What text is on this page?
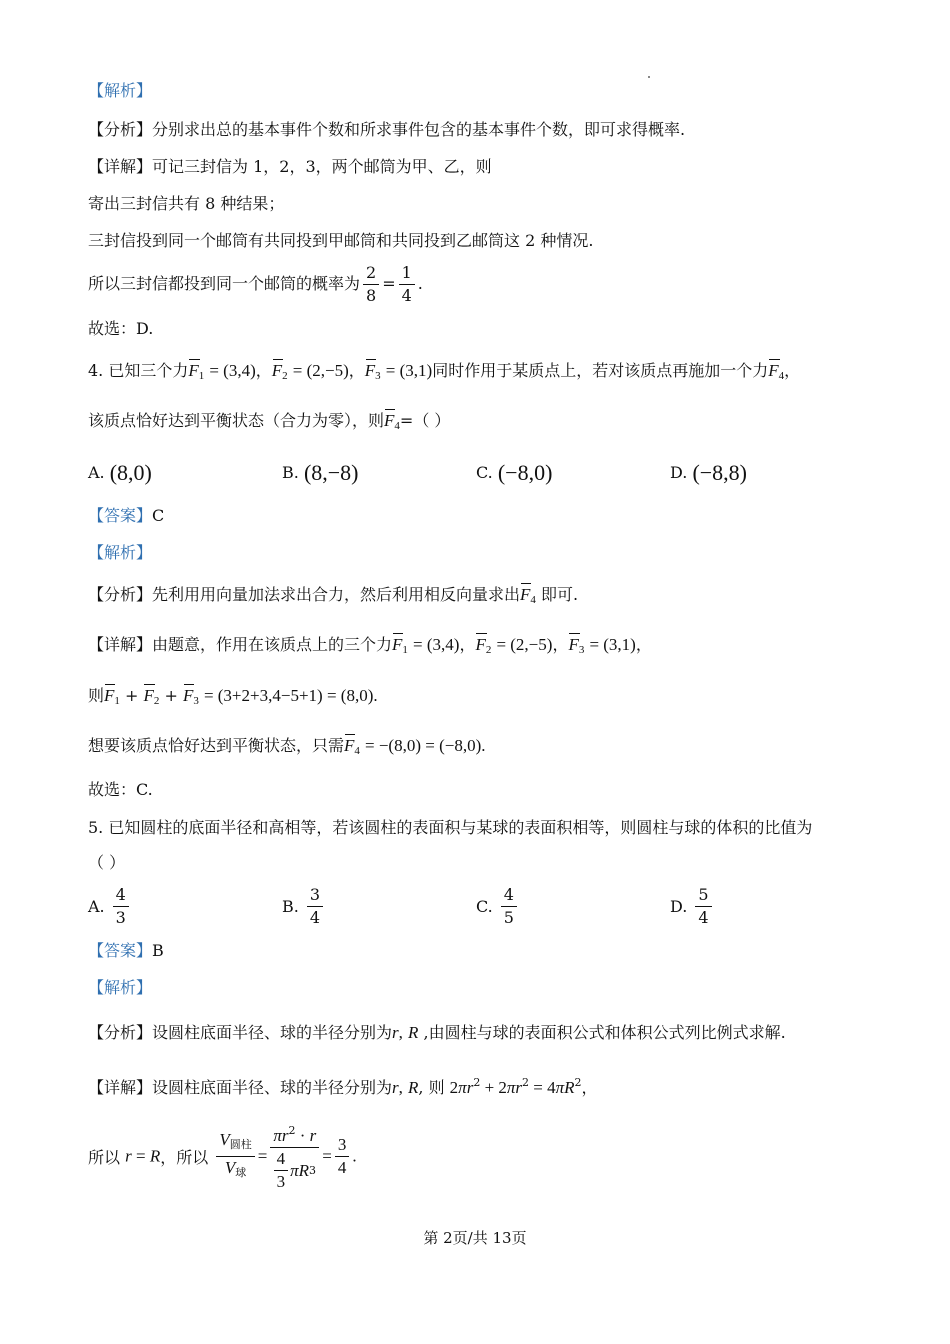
【解析】
【分析】分别求出总的基本事件个数和所求事件包含的基本事件个数，即可求得概率.
【详解】可记三封信为 1，2，3，两个邮筒为甲、乙，则
寄出三封信共有 8 种结果；
三封信投到同一个邮筒有共同投到甲邮筒和共同投到乙邮筒这 2 种情况.
所以三封信都投到同一个邮筒的概率为 $\frac{2}{8} = \frac{1}{4}$ .
故选：D.
4. 已知三个力$F_1 = (3,4)$，$F_2 = (2,-5)$，$F_3 = (3,1)$同时作用于某质点上，若对该质点再施加一个力$F_4$，
该质点恰好达到平衡状态（合力为零），则$F_4=$（ ）
A. (8,0)	B. (8,−8)	C. (−8,0)	D. (−8,8)
【答案】C
【解析】
【分析】先利用用向量加法求出合力，然后利用相反向量求出$F_4$ 即可.
【详解】由题意，作用在该质点上的三个力$F_1 = (3,4)$，$F_2 = (2,-5)$，$F_3 = (3,1)$，
则$F_1 + F_2 + F_3 = (3+2+3,4-5+1) = (8,0)$.
想要该质点恰好达到平衡状态，只需$F_4 = -(8,0) = (-8,0)$.
故选：C.
5. 已知圆柱的底面半径和高相等，若该圆柱的表面积与某球的表面积相等，则圆柱与球的体积的比值为
（ ）
A. $\frac{4}{3}$	B. $\frac{3}{4}$	C. $\frac{4}{5}$	D. $\frac{5}{4}$
【答案】B
【解析】
【分析】设圆柱底面半径、球的半径分别为r, R ,由圆柱与球的表面积公式和体积公式列比例式求解.
【详解】设圆柱底面半径、球的半径分别为r, R, 则 $2\pi r^2 + 2\pi r^2 = 4\pi R^2$，
所以 r = R，所以 $\frac{V_{圆柱}}{V_球} = \frac{\pi r^2 \cdot r}{\frac{4}{3} \pi R 3} = \frac{3}{4}$ .
第 2页/共 13页
